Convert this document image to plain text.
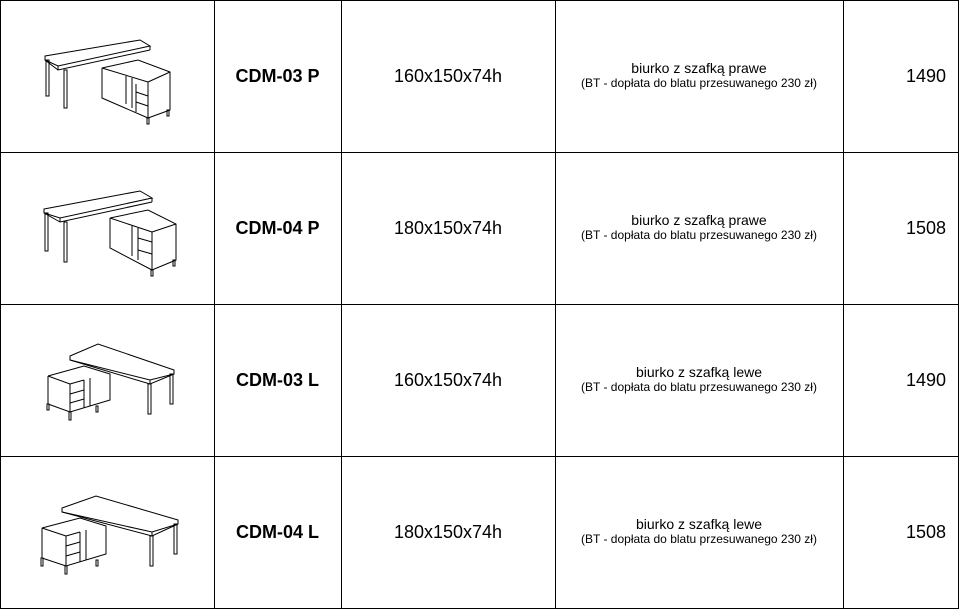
CDM-03 P	160x150x74h	biurko z szafką prawe
(BT - dopłata do blatu przesuwanego 230 zł)	1490
CDM-04 P	180x150x74h	biurko z szafką prawe
(BT - dopłata do blatu przesuwanego 230 zł)	1508
CDM-03 L	160x150x74h	biurko z szafką lewe
(BT - dopłata do blatu przesuwanego 230 zł)	1490
CDM-04 L	180x150x74h	biurko z szafką lewe
(BT - dopłata do blatu przesuwanego 230 zł)	1508
